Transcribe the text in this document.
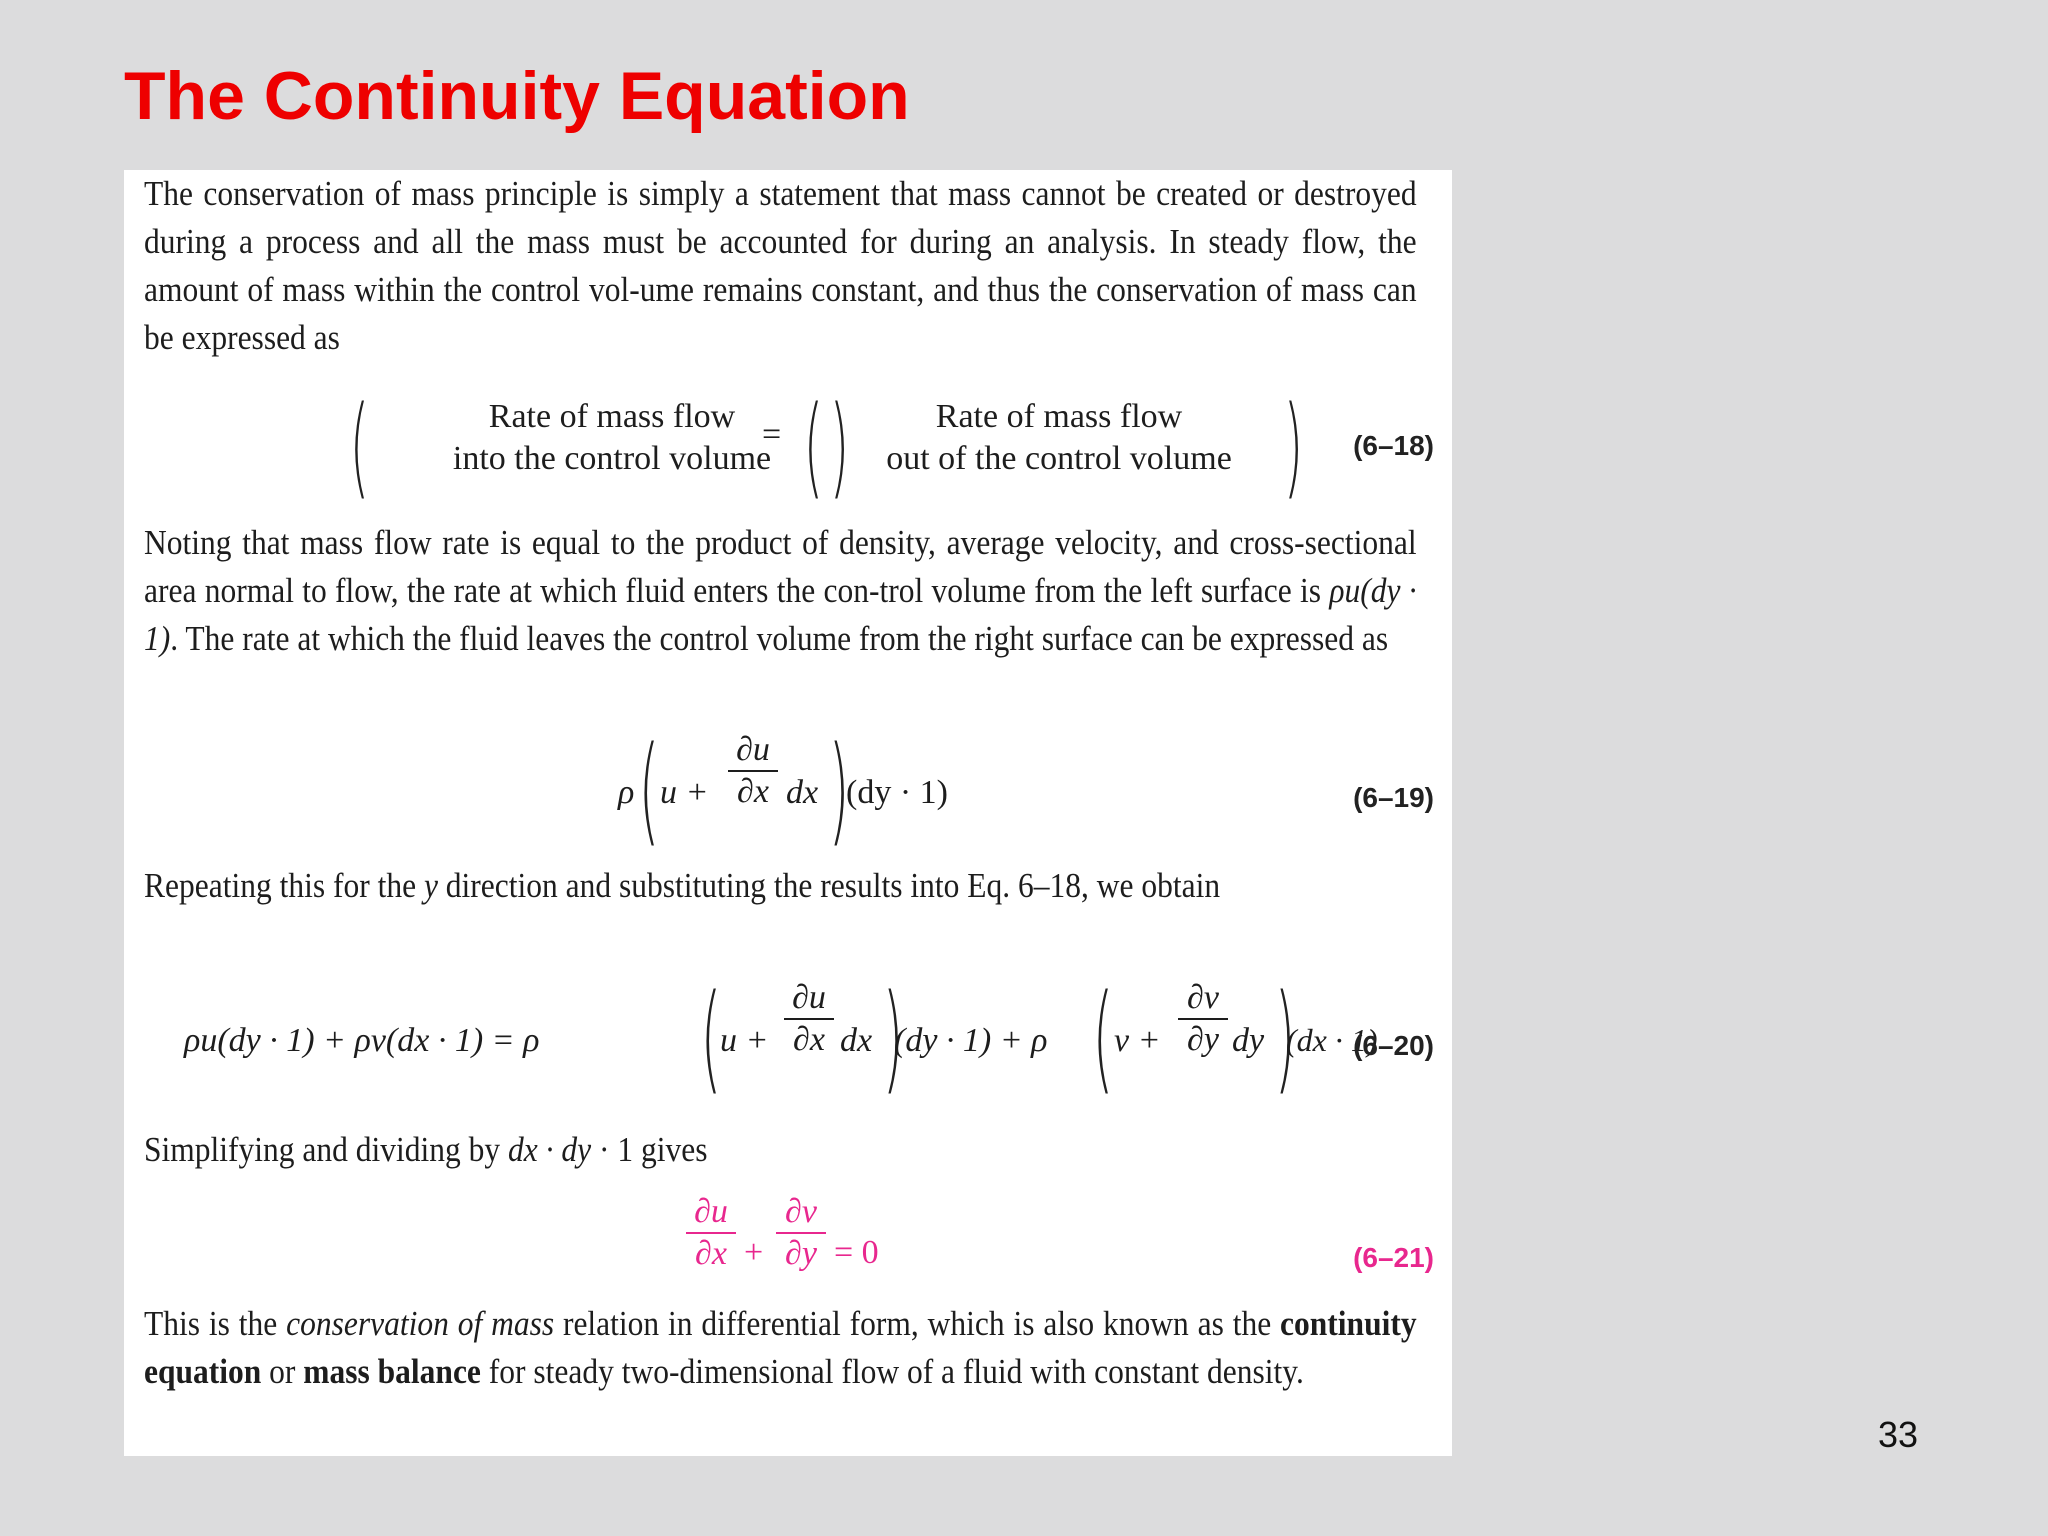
The Continuity Equation

The conservation of mass principle is simply a statement that mass cannot be created or destroyed during a process and all the mass must be accounted for during an analysis. In steady flow, the amount of mass within the control vol-ume remains constant, and thus the conservation of mass can be expressed as

(	Rate of mass flow
into the control volume )
= (	Rate of mass flow
out of the control volume ) (6–18)

Noting that mass flow rate is equal to the product of density, average velocity, and cross-sectional area normal to flow, the rate at which fluid enters the con-trol volume from the left surface is ρu(dy · 1). The rate at which the fluid leaves the control volume from the right surface can be expressed as

ρ ( $u + \frac{\partial u}{\partial x}$ dx )
(dy · 1)	(6–19)

Repeating this for the y direction and substituting the results into Eq. 6–18, we obtain

ρu(dy · 1) + ρv(dx · 1) = ρ (
$u + \frac{\partial u}{\partial x}$ dx )
(dy · 1) + ρ ( $v + \frac{\partial v}{\partial y}$ dy )
(dx · 1)
(6–20)

Simplifying and dividing by dx · dy · 1 gives

$\frac{\partial u}{\partial x} + \frac{\partial v}{\partial y} = 0$	(6–21)

This is the conservation of mass relation in differential form, which is also known as the continuity equation or mass balance for steady two-dimensional flow of a fluid with constant density.

33
